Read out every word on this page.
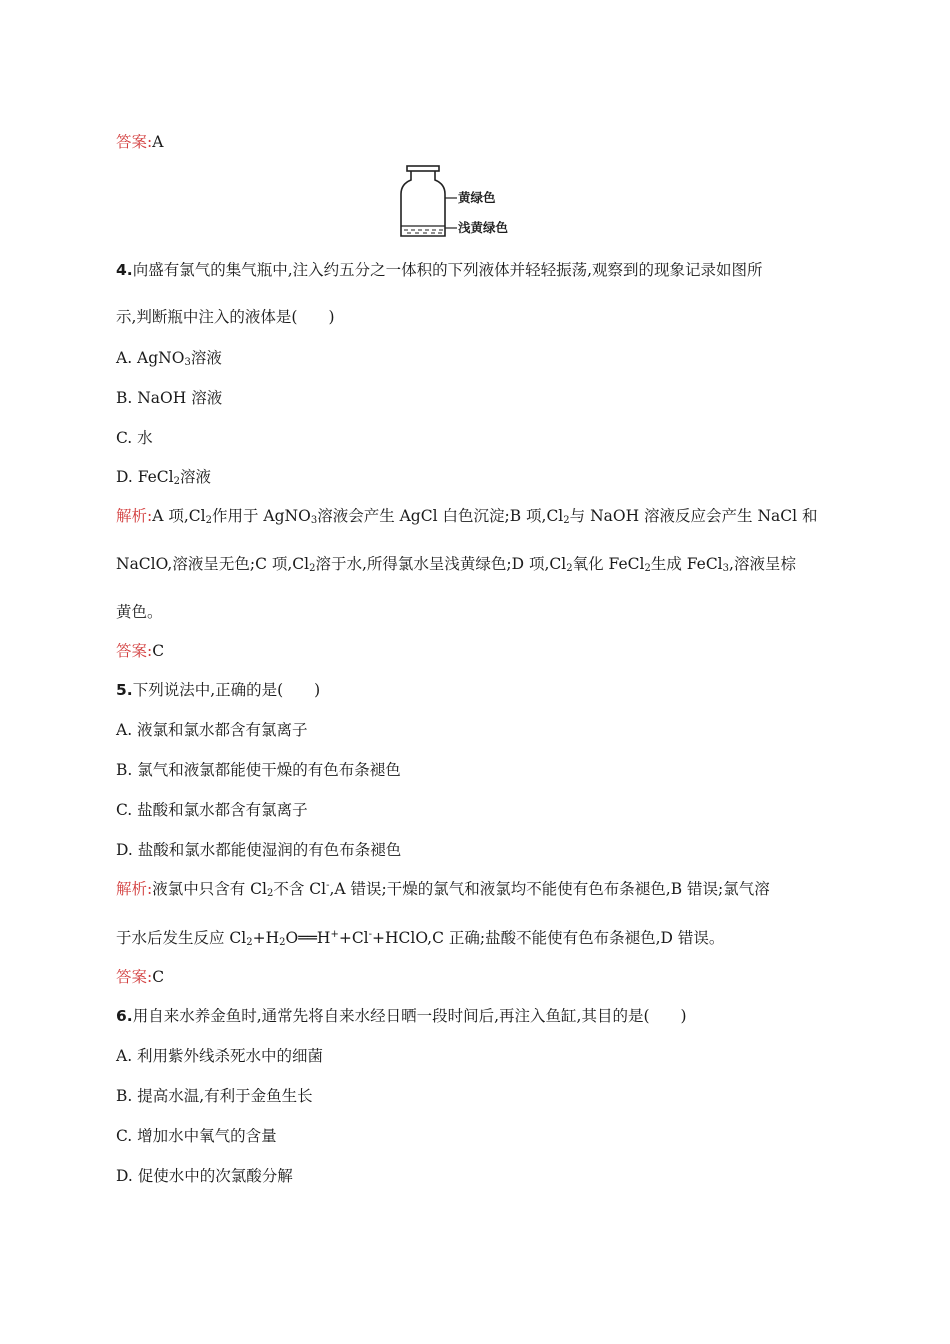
答案:A
黄绿色
浅黄绿色
4.向盛有氯气的集气瓶中,注入约五分之一体积的下列液体并轻轻振荡,观察到的现象记录如图所
示,判断瓶中注入的液体是(　　)
A. AgNO$_3$溶液
B. NaOH 溶液
C. 水
D. FeCl$_2$溶液
解析:A 项$,Cl_2$作用于 AgNO$_3$溶液会产生 AgCl 白色沉淀;B 项$,Cl_2$与 NaOH 溶液反应会产生 NaCl 和
NaClO,溶液呈无色;C 项$,Cl_2$溶于水,所得氯水呈浅黄绿色;D 项$,Cl_2$氧化 FeCl$_2$生成 FeCl$_3$,溶液呈棕
黄色。
答案:C
5.下列说法中,正确的是(　　)
A. 液氯和氯水都含有氯离子
B. 氯气和液氯都能使干燥的有色布条褪色
C. 盐酸和氯水都含有氯离子
D. 盐酸和氯水都能使湿润的有色布条褪色
解析:液氯中只含有 $Cl_2$不含 Cl-,A 错误;干燥的氯气和液氯均不能使有色布条褪色,B 错误;氯气溶
于水后发生反应 $Cl_2+H_2O══H^++Cl^-+HClO,C$ 正确;盐酸不能使有色布条褪色,D 错误。
答案:C
6.用自来水养金鱼时,通常先将自来水经日晒一段时间后,再注入鱼缸,其目的是(　　)
A. 利用紫外线杀死水中的细菌
B. 提高水温,有利于金鱼生长
C. 增加水中氧气的含量
D. 促使水中的次氯酸分解
